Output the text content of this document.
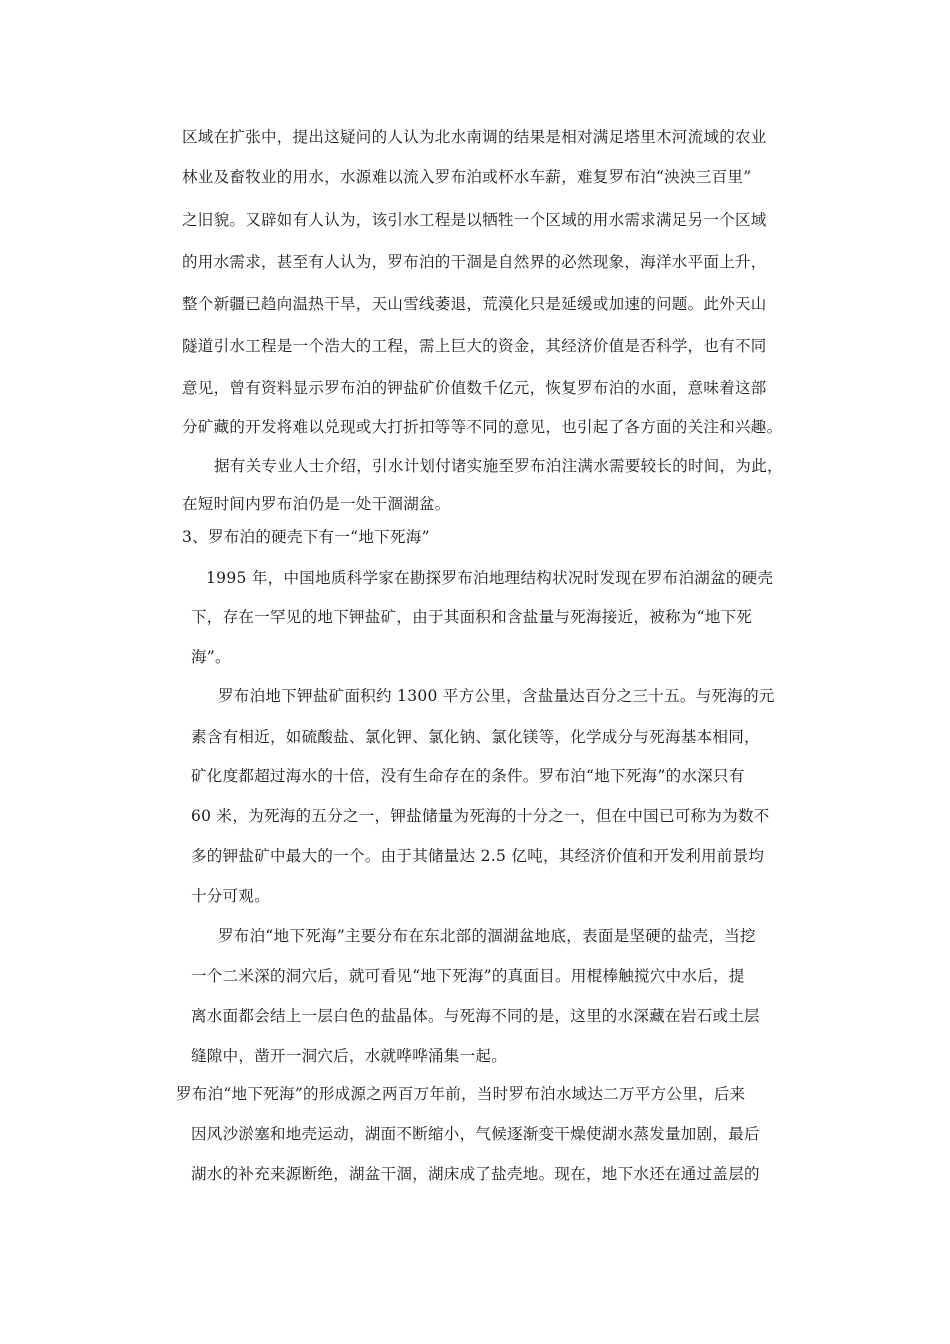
区域在扩张中，提出这疑问的人认为北水南调的结果是相对满足塔里木河流域的农业
林业及畜牧业的用水，水源难以流入罗布泊或杯水车薪，难复罗布泊“泱泱三百里”
之旧貌。又辟如有人认为，该引水工程是以牺牲一个区域的用水需求满足另一个区域
的用水需求，甚至有人认为，罗布泊的干涸是自然界的必然现象，海洋水平面上升，
整个新疆已趋向温热干旱，天山雪线萎退，荒漠化只是延缓或加速的问题。此外天山
隧道引水工程是一个浩大的工程，需上巨大的资金，其经济价值是否科学，也有不同
意见，曾有资料显示罗布泊的钾盐矿价值数千亿元，恢复罗布泊的水面，意味着这部
分矿藏的开发将难以兑现或大打折扣等等不同的意见，也引起了各方面的关注和兴趣。
据有关专业人士介绍，引水计划付诸实施至罗布泊注满水需要较长的时间，为此，
在短时间内罗布泊仍是一处干涸湖盆。
3、罗布泊的硬壳下有一“地下死海”
1995 年，中国地质科学家在勘探罗布泊地理结构状况时发现在罗布泊湖盆的硬壳
下，存在一罕见的地下钾盐矿，由于其面积和含盐量与死海接近，被称为“地下死
海”。
罗布泊地下钾盐矿面积约 1300 平方公里，含盐量达百分之三十五。与死海的元
素含有相近，如硫酸盐、氯化钾、氯化钠、氯化镁等，化学成分与死海基本相同，
矿化度都超过海水的十倍，没有生命存在的条件。罗布泊“地下死海”的水深只有
60 米，为死海的五分之一，钾盐储量为死海的十分之一，但在中国已可称为为数不
多的钾盐矿中最大的一个。由于其储量达 2.5 亿吨，其经济价值和开发利用前景均
十分可观。
罗布泊“地下死海”主要分布在东北部的涸湖盆地底，表面是坚硬的盐壳，当挖
一个二米深的洞穴后，就可看见“地下死海”的真面目。用棍棒触搅穴中水后，提
离水面都会结上一层白色的盐晶体。与死海不同的是，这里的水深藏在岩石或土层
缝隙中，凿开一洞穴后，水就哗哗涌集一起。
罗布泊“地下死海”的形成源之两百万年前，当时罗布泊水域达二万平方公里，后来
因风沙淤塞和地壳运动，湖面不断缩小，气候逐渐变干燥使湖水蒸发量加剧，最后
湖水的补充来源断绝，湖盆干涸，湖床成了盐壳地。现在，地下水还在通过盖层的
